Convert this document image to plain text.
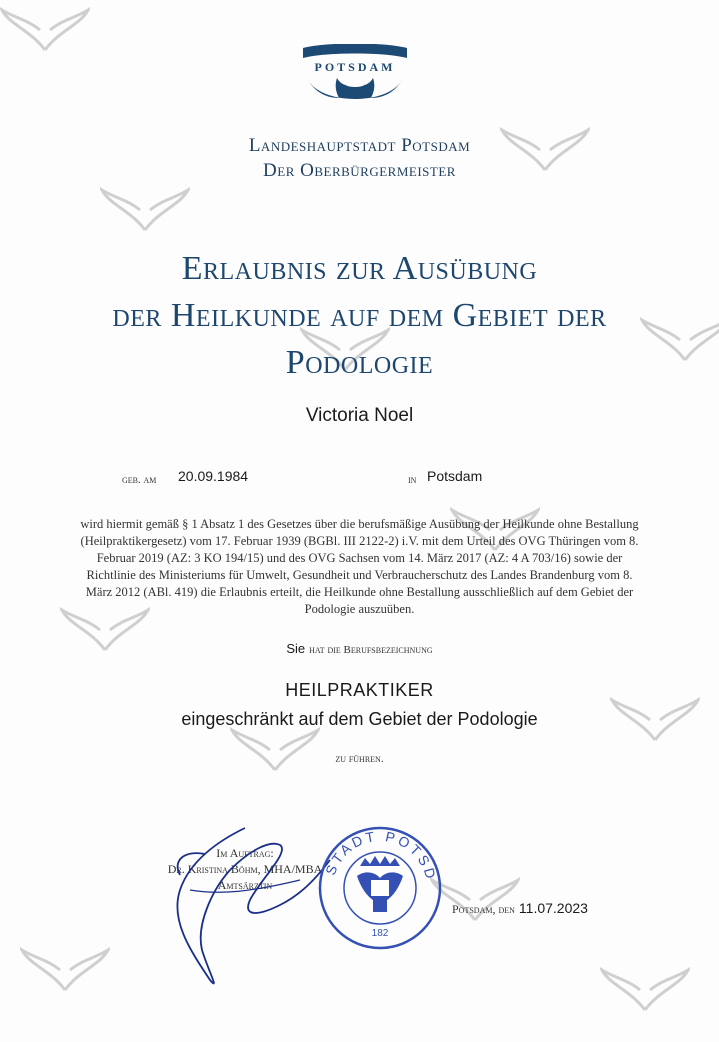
POTSDAM
Landeshauptstadt Potsdam
Der Oberbürgermeister
Erlaubnis zur Ausübung
der Heilkunde auf dem Gebiet der
Podologie
Victoria Noel
geb. am 20.09.1984	in Potsdam
wird hiermit gemäß § 1 Absatz 1 des Gesetzes über die berufsmäßige Ausübung der Heilkunde ohne Bestallung (Heilpraktikergesetz) vom 17. Februar 1939 (BGBl. III 2122-2) i.V. mit dem Urteil des OVG Thüringen vom 8. Februar 2019 (AZ: 3 KO 194/15) und des OVG Sachsen vom 14. März 2017 (AZ: 4 A 703/16) sowie der Richtlinie des Ministeriums für Umwelt, Gesundheit und Verbraucherschutz des Landes Brandenburg vom 8. März 2012 (ABl. 419) die Erlaubnis erteilt, die Heilkunde ohne Bestallung ausschließlich auf dem Gebiet der Podologie auszuüben.
Sie hat die Berufsbezeichnung
HEILPRAKTIKER
eingeschränkt auf dem Gebiet der Podologie
zu führen.
Im Auftrag:
Dr. Kristina Böhm, MHA/MBA
Amtsärztin
STADT POTSD
182
Potsdam, den 11.07.2023
